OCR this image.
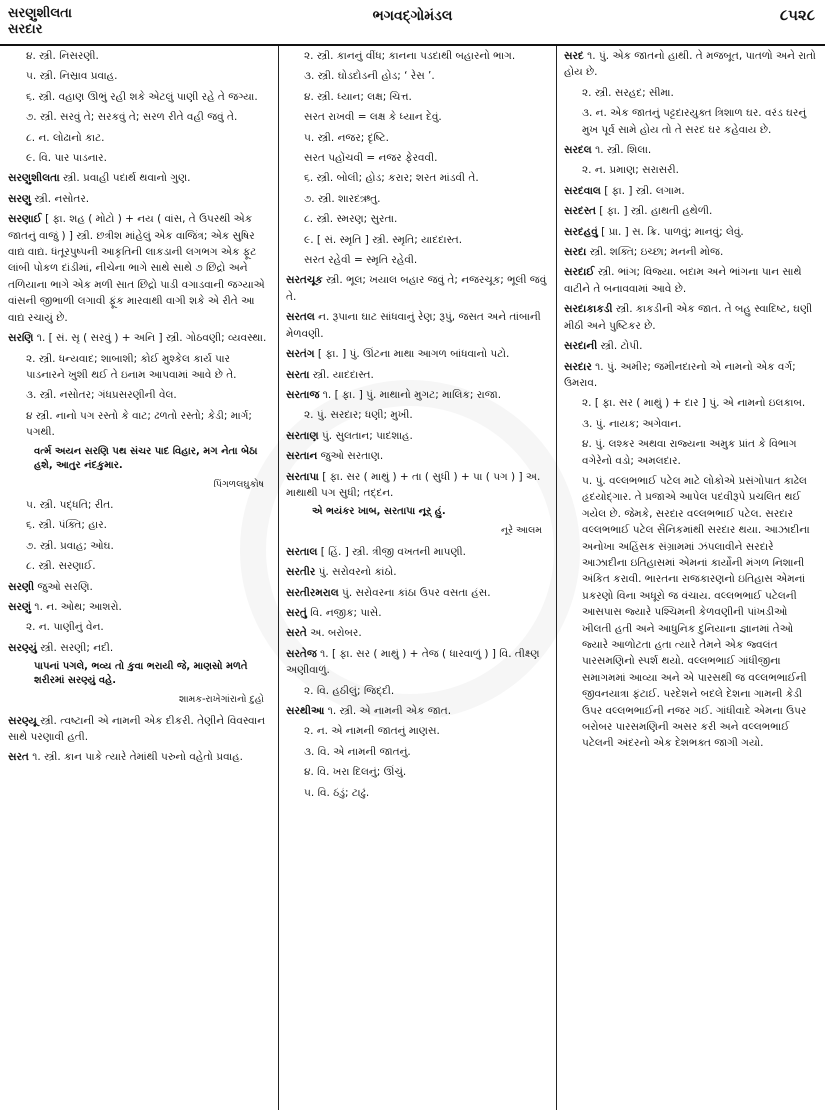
સરણુશીલતા
સરદાર
ભગવદ્ગોમંડલ	૮૫૨૮

૪. સ્ત્રી. નિસરણી.

૫. સ્ત્રી. નિસ્રાવ પ્રવાહ.

૬. સ્ત્રી. વહાણ ઊભું રહી શકે એટલું પાણી રહે તે જગ્યા.

૭. સ્ત્રી. સરવું તે; સરકવું તે; સરળ રીતે વહી જવું તે.

૮. ન. લોઢાનો કાટ.

૯. વિ. પાર પાડનાર.

સરણુશીલતા સ્ત્રી. પ્રવાહી પદાર્થ થવાનો ગુણ.

સરણુ સ્ત્રી. નસોતર.

સરણાઈ [ ફા. શહ ( મોટો ) + નય ( વાંસ, તે ઉપરથી એક જાતનું વાજું ) ] સ્ત્રી. છત્રીશ માંહેલું એક વાજિંત્ર; એક સુષિર વાદ્ય વાદ્ય. ધંતૂરપુષ્પની આકૃતિની લાકડાની લગભગ એક ફૂટ લાંબી પોકળ દાંડીમાં, નીચેના ભાગે સાથે સાથે ૭ છિદ્રો અને તળિયાના ભાગે એક મળી સાત છિદ્રો પાડી વગાડવાની જગ્યાએ વાંસની જીભાળી લગાવી ફૂંક મારવાથી વાગી શકે એ રીતે આ વાદ્ય રચાયું છે.

સરણિ ૧. [ સં. સૃ ( સરવું ) + અનિ ] સ્ત્રી. ગોઠવણી; વ્યવસ્થા.

૨. સ્ત્રી. ધન્યવાદ; શાબાશી; કોઈ મુશ્કેલ કાર્ય પાર પાડનારને ખુશી થઈ તે ઇનામ આપવામાં આવે છે તે.

૩. સ્ત્રી. નસોતર; ગંધપ્રસરણીની વેલ.

૪ સ્ત્રી. નાનો પગ રસ્તો કે વાટ; ઢળતો રસ્તો; કેડી; માર્ગ; પગથી.

વર્ત્મ અયન સરણિ પથ સંચર પાદ વિહાર, મગ નેતા બેઠા હશે, આતુર નંદકુમાર.

પિંગળલઘુકોષ

૫. સ્ત્રી. પદ્ધતિ; રીત.

૬. સ્ત્રી. પંક્તિ; હાર.

૭. સ્ત્રી. પ્રવાહ; ઓઘ.

૮. સ્ત્રી. સરણાઈ.

સરણી જુઓ સરણિ.

સરણું ૧. ન. ઓથ; આશરો.

૨. ન. પાણીનું વેન.

સરણ્યું સ્ત્રી. સરણી; નદી.

પાપનાં પગલે, ભવ્ય તો કુવા ભરાયી જે, માણસો મળતે શરીરમાં સરણ્યું વહે.

શામક-રાખેગાંરાનો દુહો

સરણ્યૂ સ્ત્રી. ત્વષ્ટાની એ નામની એક દીકરી. તેણીને વિવસ્વાન સાથે પરણાવી હતી.

સરત ૧. સ્ત્રી. કાન પાકે ત્યારે તેમાંથી પરુનો વહેતો પ્રવાહ.

૨. સ્ત્રી. કાનનું વીંધ; કાનના પડદાથી બહારનો ભાગ.

૩. સ્ત્રી. ઘોડદોડની હોડ; ‘ રેસ ’.

૪. સ્ત્રી. ધ્યાન; લક્ષ; ચિત્ત.

સરત રાખવી = લક્ષ કે ધ્યાન દેવું.

૫. સ્ત્રી. નજર; દૃષ્ટિ.

સરત પહોંચવી = નજર ફેરવવી.

૬. સ્ત્રી. બોલી; હોડ; કરાર; શરત માંડવી તે.

૭. સ્ત્રી. શારદઋતુ.

૮. સ્ત્રી. સ્મરણ; સુરતા.

૯. [ સં. સ્મૃતિ ] સ્ત્રી. સ્મૃતિ; યાદદાસ્ત.

સરત રહેવી = સ્મૃતિ રહેવી.

સરતચૂક સ્ત્રી. ભૂલ; ખયાલ બહાર જવું તે; નજરચૂક; ભૂલી જવું તે.

સરતલ ન. રૂપાના ઘાટ સાંધવાનું રેણ; રૂપું, જસત અને તાંબાની મેળવણી.

સરતંગ [ ફા. ] પું. ઊંટના માથા આગળ બાંધવાનો પટો.

સરતા સ્ત્રી. યાદદાસ્ત.

સરતાજ ૧. [ ફા. ] પું. માથાનો મુગટ; માલિક; રાજા.

૨. પું. સરદાર; ધણી; મુખી.

સરતાણ પું. સુલતાન; પાદશાહ.

સરતાન જુઓ સરતાણ.

સરતાપા [ ફા. સર ( માથું ) + તા ( સુધી ) + પા ( પગ ) ] અ. માથાથી પગ સુધી; તદ્દન.

એ ભયંકર ખાબ, સરતાપા નૂર્ હું.

નૂરે આલમ

સરતાલ [ હિં. ] સ્ત્રી. ત્રીજી વખતની માપણી.

સરતીર પું. સરોવરનો કાંઠો.

સરતીરમરાલ પું. સરોવરના કાંઠા ઉપર વસતા હંસ.

સરતું વિ. નજીક; પાસે.

સરતે અ. બરોબર.

સરતેજ ૧. [ ફા. સર ( માથું ) + તેજ ( ધારવાળું ) ] વિ. તીક્ષ્ણ અણીવાળું.

૨. વિ. હઠીલું; જિદ્દી.

સરથીઆ ૧. સ્ત્રી. એ નામની એક જાત.

૨. ન. એ નામની જાતનું માણસ.

૩. વિ. એ નામની જાતનું.

૪. વિ. ખરા દિલનું; ઊંચું.

૫. વિ. ઠંડું; ટાઢું.

સરદ ૧. પું. એક જાતનો હાથી. તે મજબૂત, પાતળો અને રાતો હોય છે.

૨. સ્ત્રી. સરહદ; સીમા.

૩. ન. એક જાતનું પટ્ટદારયુક્ત ત્રિશાળ ઘર. વરંડ ઘરનું મુખ પૂર્વ સામે હોય તો તે સરદ ઘર કહેવાય છે.

સરદલ ૧. સ્ત્રી. શિલા.

૨. ન. પ્રમાણ; સરાસરી.

સરદવાલ [ ફા. ] સ્ત્રી. લગામ.

સરદસ્ત [ ફા. ] સ્ત્રી. હાથતી હથેળી.

સરદહવું [ પ્રા. ] સ. ક્રિ. પાળવું; માનવું; લેવું.

સરદા સ્ત્રી. શક્તિ; ઇચ્છા; મનની મોજ.

સરદાઈ સ્ત્રી. ભાંગ; વિજ્યા. બદામ અને ભાંગના પાન સાથે વાટીને તે બનાવવામાં આવે છે.

સરદાકાકડી સ્ત્રી. કાકડીની એક જાત. તે બહુ સ્વાદિષ્ટ, ઘણી મીઠી અને પુષ્ટિકર છે.

સરદાની સ્ત્રી. ટોપી.

સરદાર ૧. પું. અમીર; જમીનદારનો એ નામનો એક વર્ગ; ઉમરાવ.

૨. [ ફા. સર ( માથું ) + દાર ] પું. એ નામનો ઇલકાબ.

૩. પું. નાયક; અગેવાન.

૪. પું. લશ્કર અથવા રાજ્યના અમુક પ્રાંત કે વિભાગ વગેરેનો વડો; અમલદાર.

૫. પું. વલ્લભભાઈ પટેલ માટે લોકોએ પ્રસંગોપાત કાઢેલ હૃદયોદ્ગાર. તે પ્રજાએ આપેલ પદવીરૂપે પ્રચલિત થઈ ગયેલ છે. જેમકે, સરદાર વલ્લભભાઈ પટેલ. સરદાર વલ્લભભાઈ પટેલ સૈનિકમાંથી સરદાર થયા. આઝાદીના અનોખા અહિંસક સંગ્રામમાં ઝંપલાવીને સરદારે આઝાદીના ઇતિહાસમાં એમનાં કાર્યોની મંગળ નિશાની અંકિત કરાવી. ભારતના રાજકારણનો ઇતિહાસ એમનાં પ્રકરણો વિના અધૂરો જ વંચાય. વલ્લભભાઈ પટેલની આસપાસ જ્યારે પશ્ચિમની કેળવણીની પાંખડીઓ ખીલતી હતી અને આધુનિક દુનિયાના જ્ઞાનમાં તેઓ જ્યારે આળોટતા હતા ત્યારે તેમને એક જ્વલંત પારસમણિનો સ્પર્શ થયો. વલ્લભભાઈ ગાંધીજીના સમાગમમાં આવ્યા અને એ પારસથી જ વલ્લભભાઈની જીવનયાત્રા ફંટાઈ. પરદેશને બદલે દેશના ગામની કેડી ઉપર વલ્લભભાઈની નજર ગઈ. ગાંધીવાદે એમના ઉપર બરોબર પારસમણિની અસર કરી અને વલ્લભભાઈ પટેલની અંદરનો એક દેશભક્ત જાગી ગયો.
